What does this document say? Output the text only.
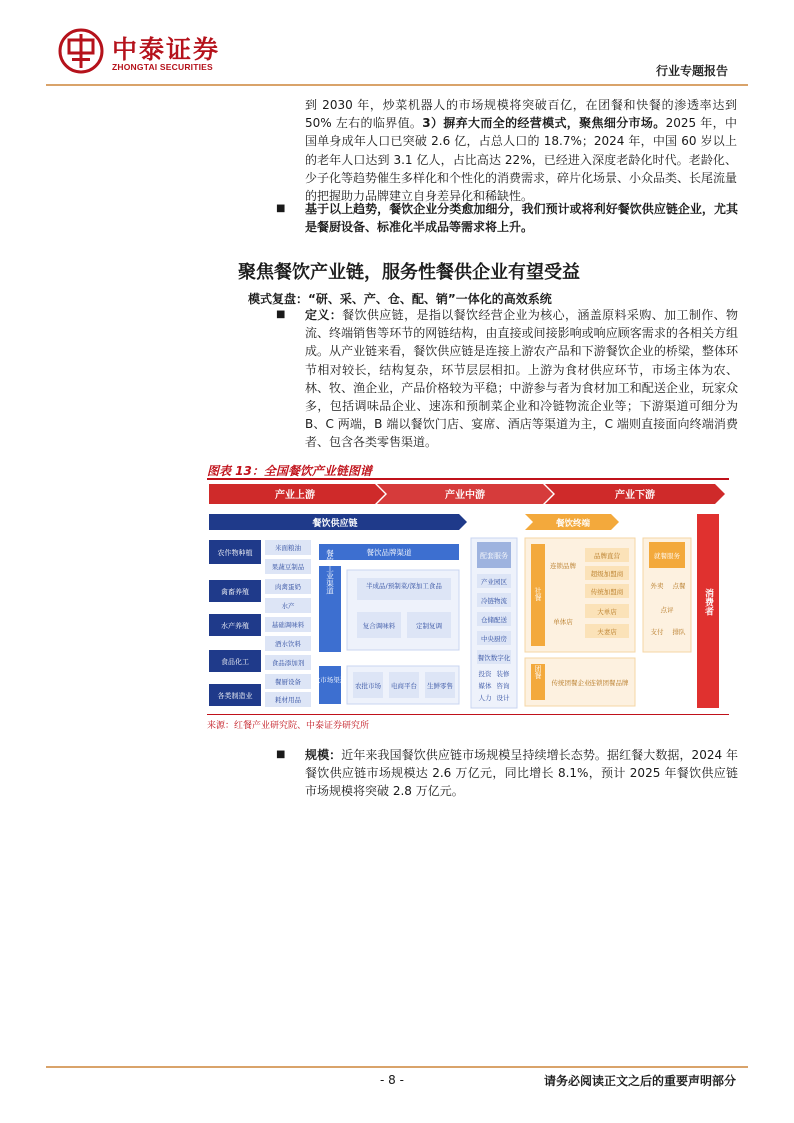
中泰证券
ZHONGTAI SECURITIES	行业专题报告
到 2030 年，炒菜机器人的市场规模将突破百亿，在团餐和快餐的渗透率达到 50% 左右的临界值。3）摒弃大而全的经营模式，聚焦细分市场。2025 年，中国单身成年人口已突破 2.6 亿，占总人口的 18.7%；2024 年，中国 60 岁以上的老年人口达到 3.1 亿人，占比高达 22%，已经进入深度老龄化时代。老龄化、少子化等趋势催生多样化和个性化的消费需求，碎片化场景、小众品类、长尾流量的把握助力品牌建立自身差异化和稀缺性。
■ 基于以上趋势，餐饮企业分类愈加细分，我们预计或将利好餐饮供应链企业，尤其是餐厨设备、标准化半成品等需求将上升。
聚焦餐饮产业链，服务性餐供企业有望受益
模式复盘：“研、采、产、仓、配、销”一体化的高效系统
■ 定义：餐饮供应链，是指以餐饮经营企业为核心，涵盖原料采购、加工制作、物流、终端销售等环节的网链结构，由直接或间接影响或响应顾客需求的各相关方组成。从产业链来看，餐饮供应链是连接上游农产品和下游餐饮企业的桥梁，整体环节相对较长，结构复杂，环节层层相扣。上游为食材供应环节，市场主体为农、林、牧、渔企业，产品价格较为平稳；中游参与者为食材加工和配送企业，玩家众多，包括调味品企业、速冻和预制菜企业和冷链物流企业等；下游渠道可细分为 B、C 两端，B 端以餐饮门店、宴席、酒店等渠道为主，C 端则直接面向终端消费者、包含各类零售渠道。
图表 13：全国餐饮产业链图谱
产业上游	产业中游	产业下游
餐饮供应链	餐饮终端
消费者
农作物种植
禽畜养殖
水产养殖
食品化工
各类制造业
米面粮油
果蔬豆制品
肉禽蛋奶
水产
基础调味料
酒水饮料
食品添加剂
餐厨设备
耗材用品
餐饮品牌渠道
餐饮工业渠道	半成品/预制菜/深加工食品
复合调味料	定制复调
大市场渠道
农批市场 电商平台 生鲜零售
配套服务
产业园区
冷链物流
仓储配送
中央厨房
餐饮数字化
投资 装修
媒体 咨询
人力 设计
社餐
连锁品牌
单体店
品牌直营
超级加盟商
传统加盟商
大单店
夫妻店
团餐
传统团餐企业 连锁团餐品牌
就餐服务
外卖 点餐
点评
支付 排队
来源：红餐产业研究院、中泰证券研究所
■ 规模：近年来我国餐饮供应链市场规模呈持续增长态势。据红餐大数据，2024 年餐饮供应链市场规模达 2.6 万亿元，同比增长 8.1%，预计 2025 年餐饮供应链市场规模将突破 2.8 万亿元。
- 8 -	请务必阅读正文之后的重要声明部分
